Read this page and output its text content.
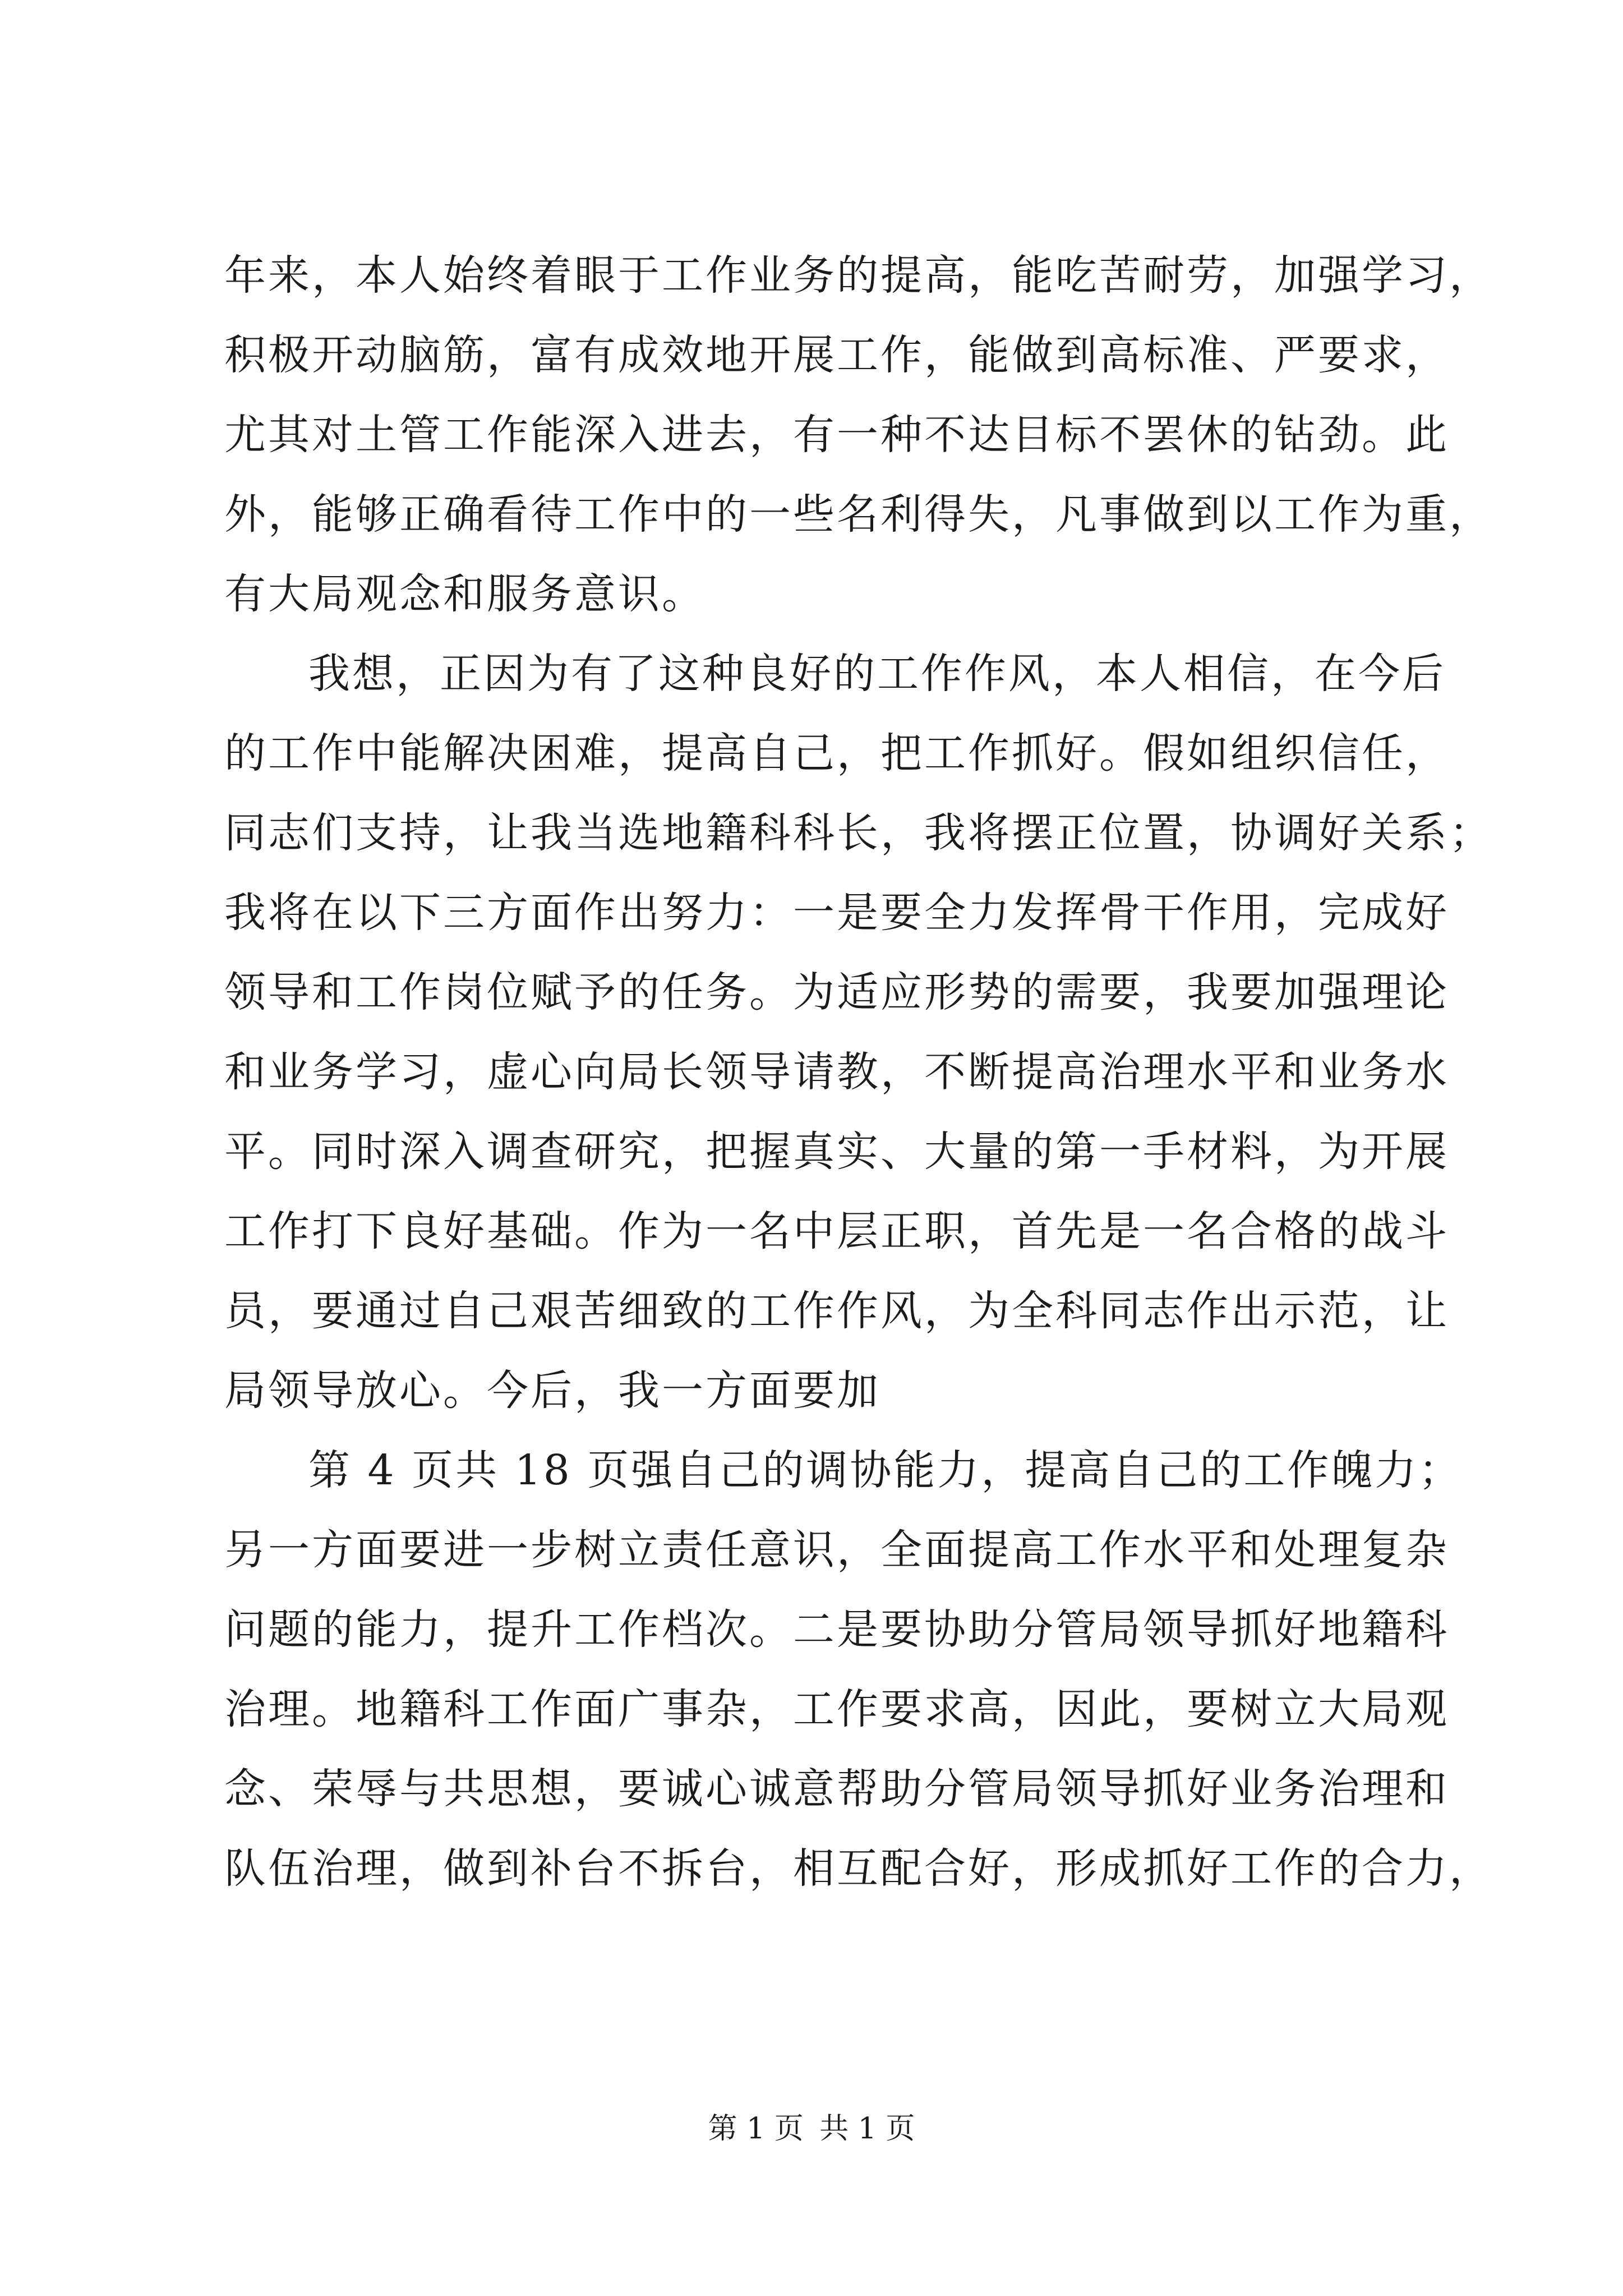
年来，本人始终着眼于工作业务的提高，能吃苦耐劳，加强学习，
积极开动脑筋，富有成效地开展工作，能做到高标准、严要求，
尤其对土管工作能深入进去，有一种不达目标不罢休的钻劲。此
外，能够正确看待工作中的一些名利得失，凡事做到以工作为重，
有大局观念和服务意识。
我想，正因为有了这种良好的工作作风，本人相信，在今后
的工作中能解决困难，提高自己，把工作抓好。假如组织信任，
同志们支持，让我当选地籍科科长，我将摆正位置，协调好关系；
我将在以下三方面作出努力：一是要全力发挥骨干作用，完成好
领导和工作岗位赋予的任务。为适应形势的需要，我要加强理论
和业务学习，虚心向局长领导请教，不断提高治理水平和业务水
平。同时深入调查研究，把握真实、大量的第一手材料，为开展
工作打下良好基础。作为一名中层正职，首先是一名合格的战斗
员，要通过自己艰苦细致的工作作风，为全科同志作出示范，让
局领导放心。今后，我一方面要加
第 4 页共 18 页强自己的调协能力，提高自己的工作魄力；
另一方面要进一步树立责任意识，全面提高工作水平和处理复杂
问题的能力，提升工作档次。二是要协助分管局领导抓好地籍科
治理。地籍科工作面广事杂，工作要求高，因此，要树立大局观
念、荣辱与共思想，要诚心诚意帮助分管局领导抓好业务治理和
队伍治理，做到补台不拆台，相互配合好，形成抓好工作的合力，
第 1 页 共 1 页
